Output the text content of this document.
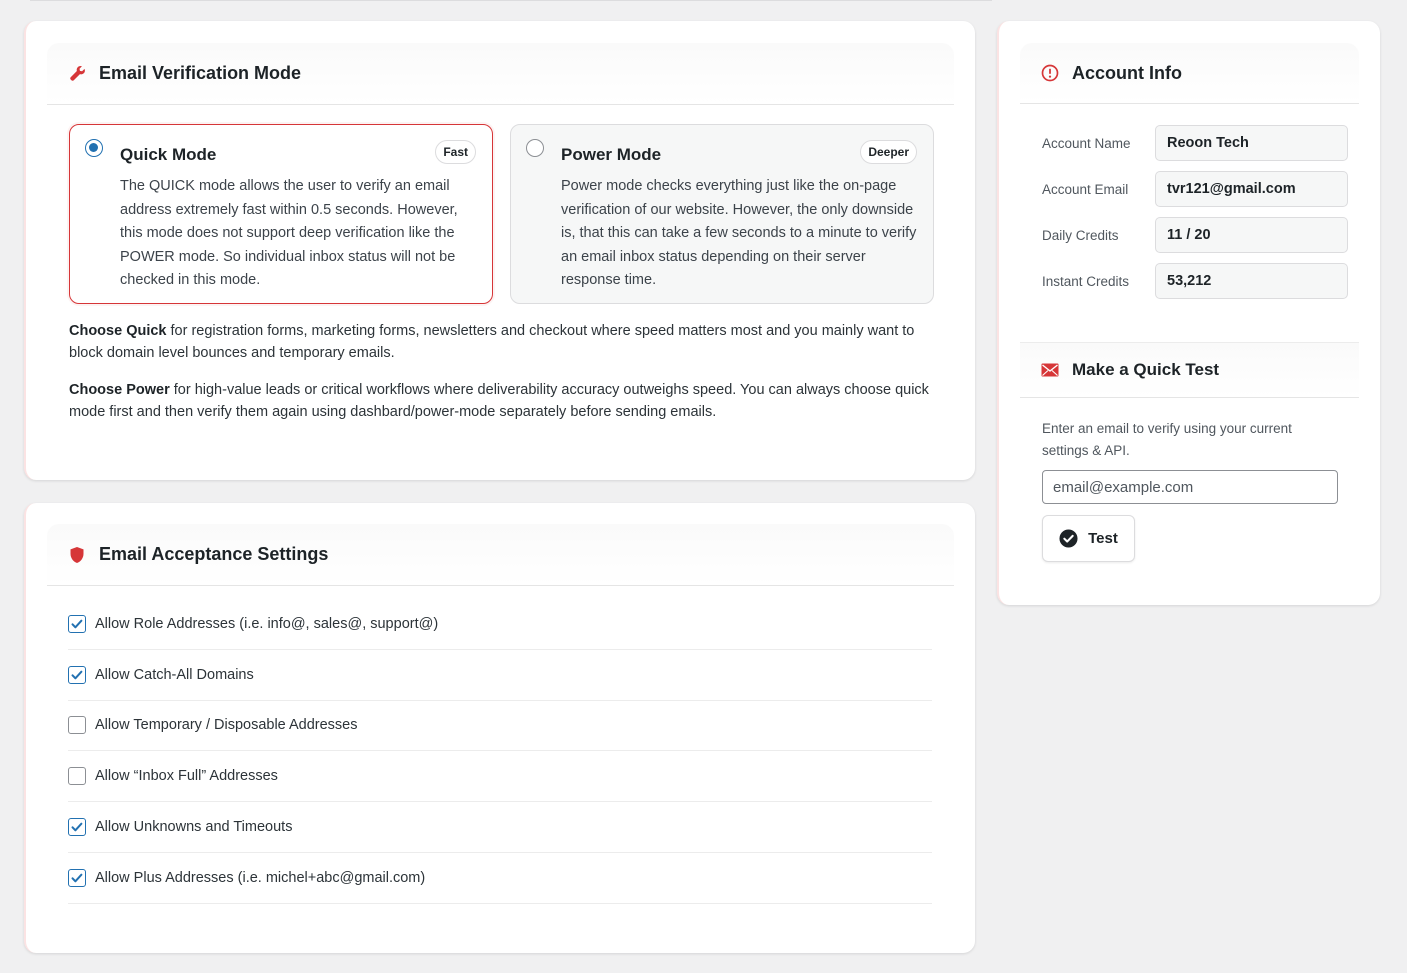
Email Verification Mode
Quick Mode	Fast
The QUICK mode allows the user to verify an email address extremely fast within 0.5 seconds. However, this mode does not support deep verification like the POWER mode. So individual inbox status will not be checked in this mode.
Power Mode	Deeper
Power mode checks everything just like the on-page verification of our website. However, the only downside is, that this can take a few seconds to a minute to verify an email inbox status depending on their server response time.

Choose Quick for registration forms, marketing forms, newsletters and checkout where speed matters most and you mainly want to block domain level bounces and temporary emails.

Choose Power for high-value leads or critical workflows where deliverability accuracy outweighs speed. You can always choose quick mode first and then verify them again using dashbard/power-mode separately before sending emails.

Email Acceptance Settings
Allow Role Addresses (i.e. info@, sales@, support@)
Allow Catch-All Domains
Allow Temporary / Disposable Addresses
Allow “Inbox Full” Addresses
Allow Unknowns and Timeouts
Allow Plus Addresses (i.e. michel+abc@gmail.com)
Account Info
Account Name	Reoon Tech
Account Email	tvr121@gmail.com
Daily Credits	11 / 20
Instant Credits	53,212
Make a Quick Test

Enter an email to verify using your current settings & API.

email@example.com
Test
